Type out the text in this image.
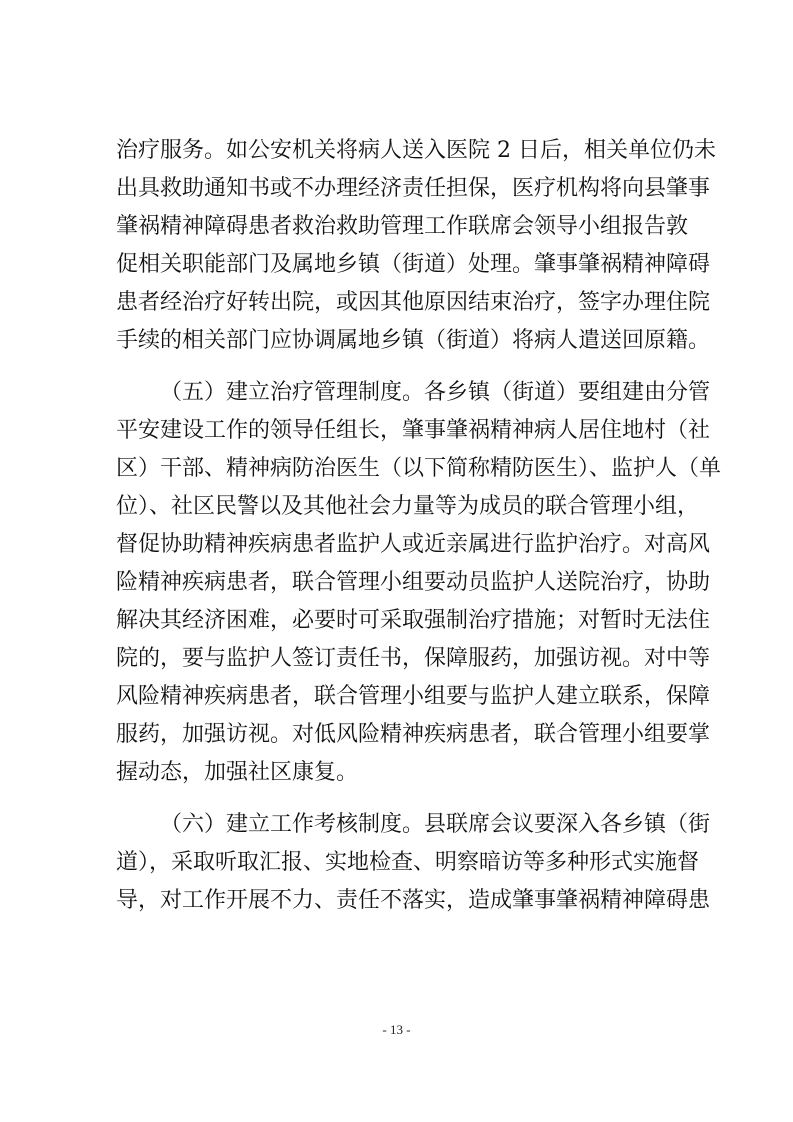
治疗服务。如公安机关将病人送入医院 2 日后，相关单位仍未
出具救助通知书或不办理经济责任担保，医疗机构将向县肇事
肇祸精神障碍患者救治救助管理工作联席会领导小组报告敦
促相关职能部门及属地乡镇（街道）处理。肇事肇祸精神障碍
患者经治疗好转出院，或因其他原因结束治疗，签字办理住院
手续的相关部门应协调属地乡镇（街道）将病人遣送回原籍。
（五）建立治疗管理制度。各乡镇（街道）要组建由分管
平安建设工作的领导任组长，肇事肇祸精神病人居住地村（社
区）干部、精神病防治医生（以下简称精防医生）、监护人（单
位）、社区民警以及其他社会力量等为成员的联合管理小组，
督促协助精神疾病患者监护人或近亲属进行监护治疗。对高风
险精神疾病患者，联合管理小组要动员监护人送院治疗，协助
解决其经济困难，必要时可采取强制治疗措施；对暂时无法住
院的，要与监护人签订责任书，保障服药，加强访视。对中等
风险精神疾病患者，联合管理小组要与监护人建立联系，保障
服药，加强访视。对低风险精神疾病患者，联合管理小组要掌
握动态，加强社区康复。
（六）建立工作考核制度。县联席会议要深入各乡镇（街
道），采取听取汇报、实地检查、明察暗访等多种形式实施督
导，对工作开展不力、责任不落实，造成肇事肇祸精神障碍患
- 13 -
